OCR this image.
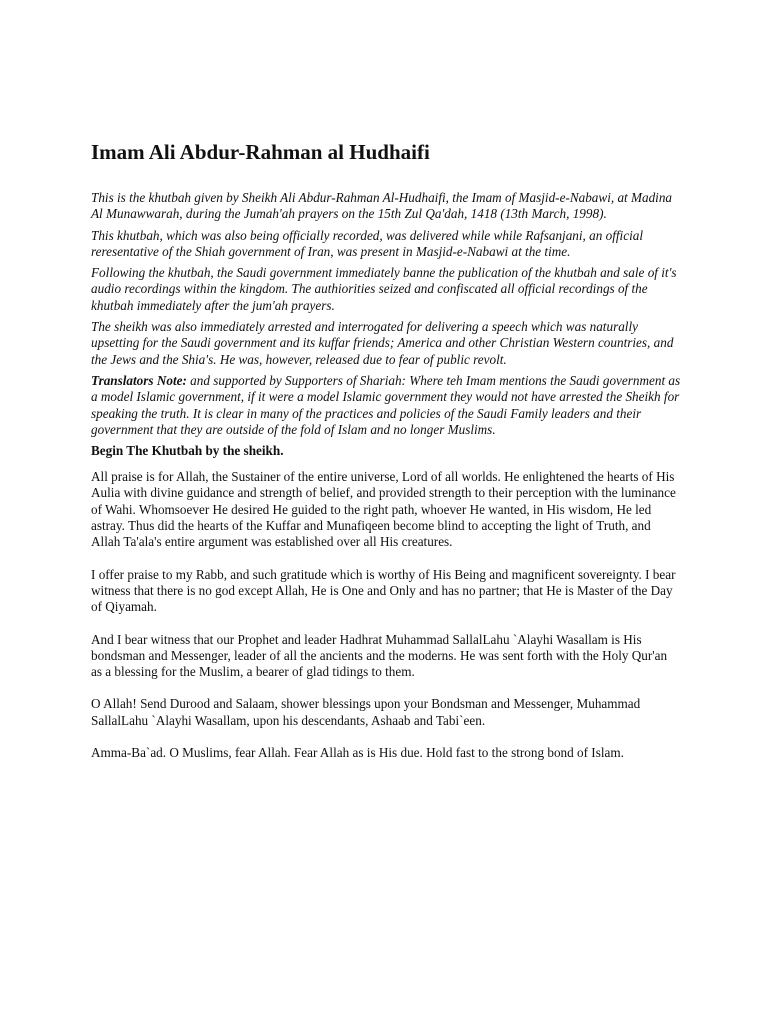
Imam Ali Abdur-Rahman al Hudhaifi

This is the khutbah given by Sheikh Ali Abdur-Rahman Al-Hudhaifi, the Imam of Masjid-e-Nabawi, at Madina Al Munawwarah, during the Jumah'ah prayers on the 15th Zul Qa'dah, 1418 (13th March, 1998).

This khutbah, which was also being officially recorded, was delivered while while Rafsanjani, an official reresentative of the Shiah government of Iran, was present in Masjid-e-Nabawi at the time.

Following the khutbah, the Saudi government immediately banne the publication of the khutbah and sale of it's audio recordings within the kingdom. The authiorities seized and confiscated all official recordings of the khutbah immediately after the jum'ah prayers.

The sheikh was also immediately arrested and interrogated for delivering a speech which was naturally upsetting for the Saudi government and its kuffar friends; America and other Christian Western countries, and the Jews and the Shia's. He was, however, released due to fear of public revolt.

Translators Note: and supported by Supporters of Shariah: Where teh Imam mentions the Saudi government as a model Islamic government, if it were a model Islamic government they would not have arrested the Sheikh for speaking the truth. It is clear in many of the practices and policies of the Saudi Family leaders and their government that they are outside of the fold of Islam and no longer Muslims.

Begin The Khutbah by the sheikh.

All praise is for Allah, the Sustainer of the entire universe, Lord of all worlds. He enlightened the hearts of His Aulia with divine guidance and strength of belief, and provided strength to their perception with the luminance of Wahi. Whomsoever He desired He guided to the right path, whoever He wanted, in His wisdom, He led astray. Thus did the hearts of the Kuffar and Munafiqeen become blind to accepting the light of Truth, and Allah Ta'ala's entire argument was established over all His creatures.

I offer praise to my Rabb, and such gratitude which is worthy of His Being and magnificent sovereignty. I bear witness that there is no god except Allah, He is One and Only and has no partner; that He is Master of the Day of Qiyamah.

And I bear witness that our Prophet and leader Hadhrat Muhammad SallalLahu `Alayhi Wasallam is His bondsman and Messenger, leader of all the ancients and the moderns. He was sent forth with the Holy Qur'an as a blessing for the Muslim, a bearer of glad tidings to them.

O Allah! Send Durood and Salaam, shower blessings upon your Bondsman and Messenger, Muhammad SallalLahu `Alayhi Wasallam, upon his descendants, Ashaab and Tabi`een.

Amma-Ba`ad. O Muslims, fear Allah. Fear Allah as is His due. Hold fast to the strong bond of Islam.
